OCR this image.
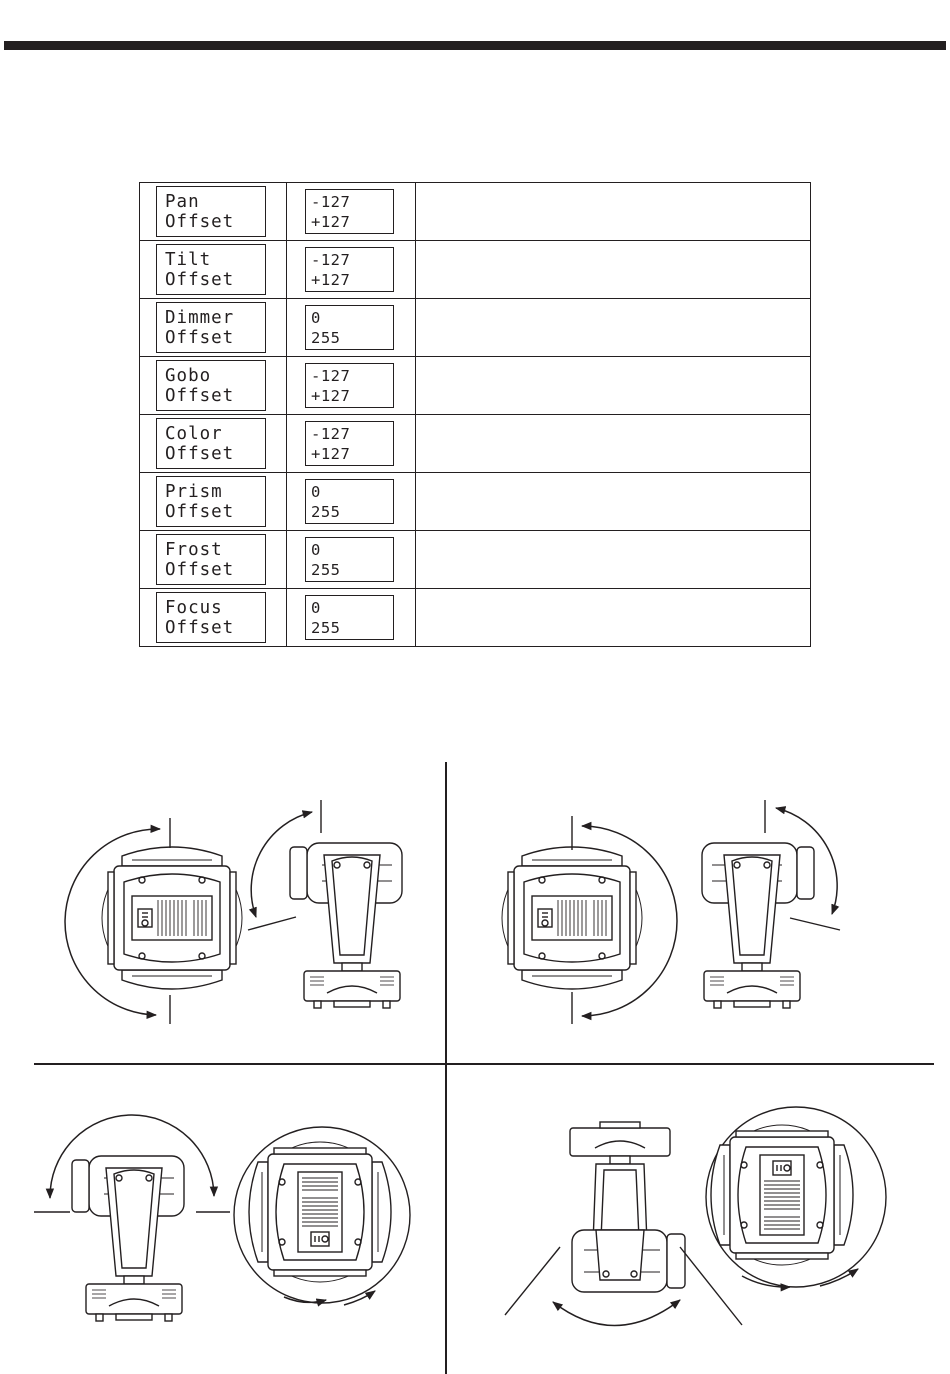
Pan
Offset	-127
+127	

Tilt
Offset	-127
+127	

Dimmer
Offset	0
255	

Gobo
Offset	-127
+127	

Color
Offset	-127
+127	

Prism
Offset	0
255	

Frost
Offset	0
255	

Focus
Offset	0
255	
